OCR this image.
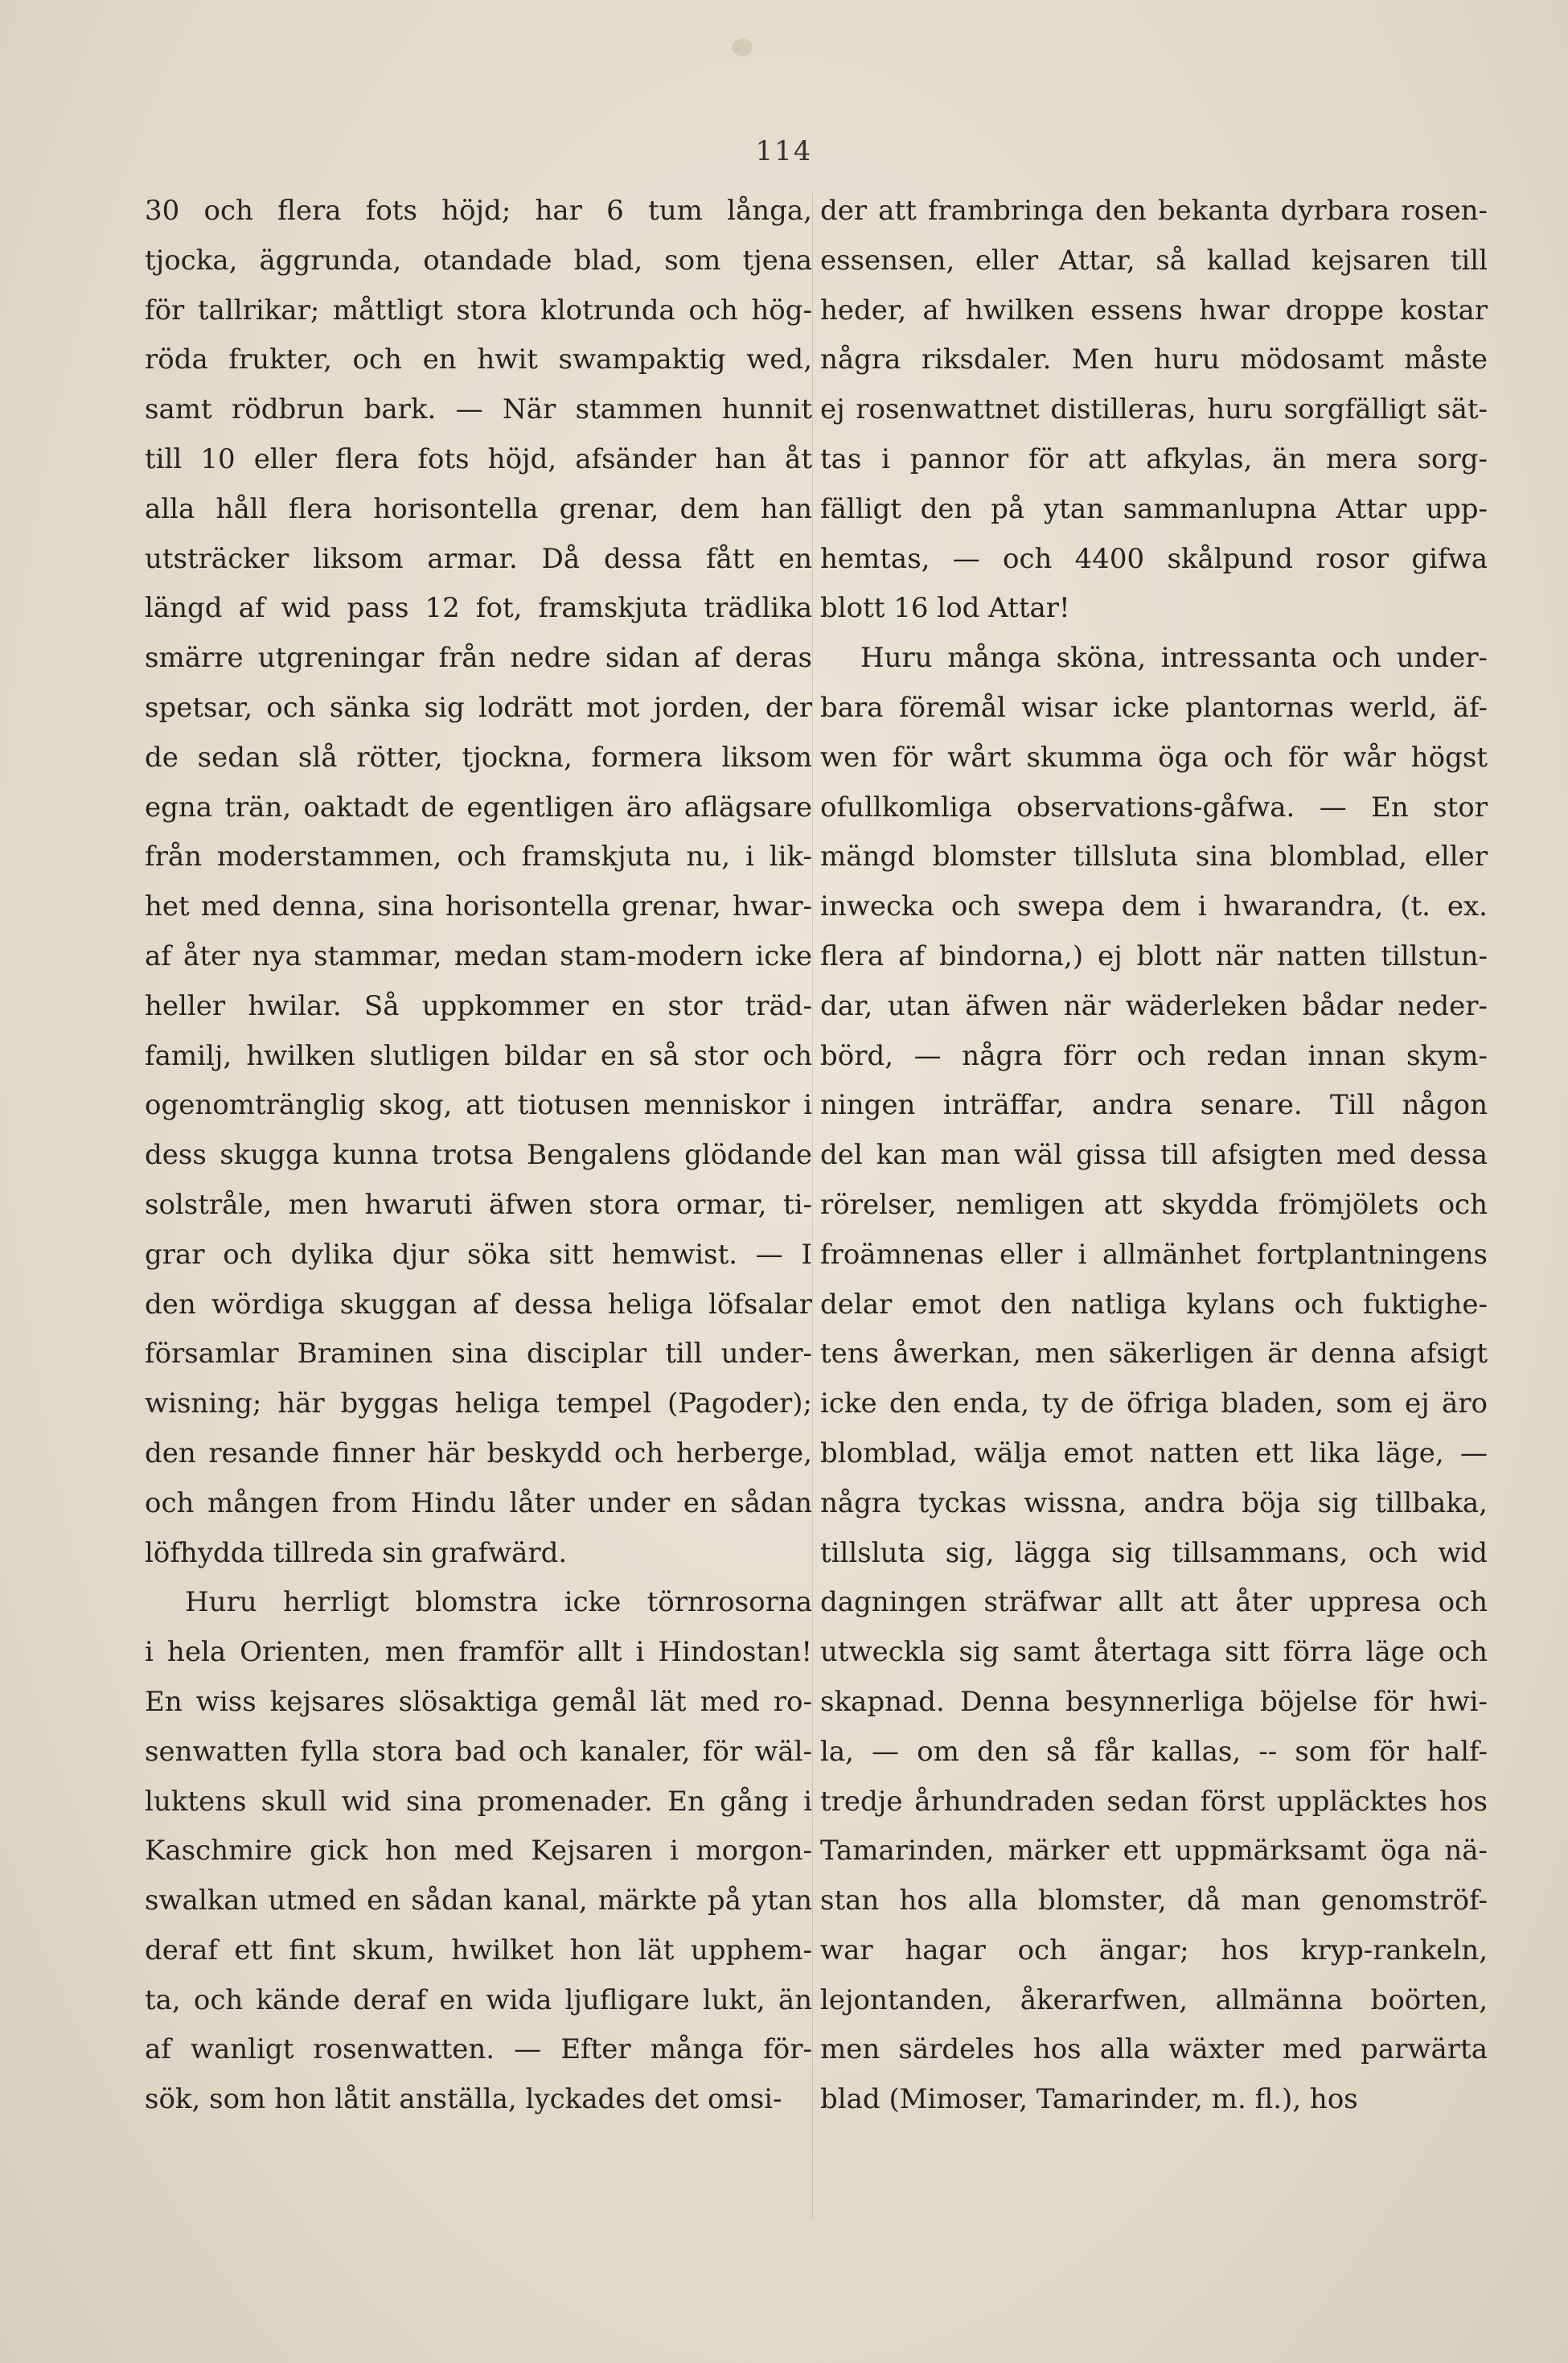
114
30 och flera fots höjd; har 6 tum långa,
tjocka, äggrunda, otandade blad, som tjena
för tallrikar; måttligt stora klotrunda och hög-
röda frukter, och en hwit swampaktig wed,
samt rödbrun bark. — När stammen hunnit
till 10 eller flera fots höjd, afsänder han åt
alla håll flera horisontella grenar, dem han
utsträcker liksom armar. Då dessa fått en
längd af wid pass 12 fot, framskjuta trädlika
smärre utgreningar från nedre sidan af deras
spetsar, och sänka sig lodrätt mot jorden, der
de sedan slå rötter, tjockna, formera liksom
egna trän, oaktadt de egentligen äro aflägsare
från moderstammen, och framskjuta nu, i lik-
het med denna, sina horisontella grenar, hwar-
af åter nya stammar, medan stam-modern icke
heller hwilar. Så uppkommer en stor träd-
familj, hwilken slutligen bildar en så stor och
ogenomtränglig skog, att tiotusen menniskor i
dess skugga kunna trotsa Bengalens glödande
solstråle, men hwaruti äfwen stora ormar, ti-
grar och dylika djur söka sitt hemwist. — I
den wördiga skuggan af dessa heliga löfsalar
församlar Braminen sina disciplar till under-
wisning; här byggas heliga tempel (Pagoder);
den resande finner här beskydd och herberge,
och mången from Hindu låter under en sådan
löfhydda tillreda sin grafwärd.
Huru herrligt blomstra icke törnrosorna
i hela Orienten, men framför allt i Hindostan!
En wiss kejsares slösaktiga gemål lät med ro-
senwatten fylla stora bad och kanaler, för wäl-
luktens skull wid sina promenader. En gång i
Kaschmire gick hon med Kejsaren i morgon-
swalkan utmed en sådan kanal, märkte på ytan
deraf ett fint skum, hwilket hon lät upphem-
ta, och kände deraf en wida ljufligare lukt, än
af wanligt rosenwatten. — Efter många för-
sök, som hon låtit anställa, lyckades det omsi-
der att frambringa den bekanta dyrbara rosen-
essensen, eller Attar, så kallad kejsaren till
heder, af hwilken essens hwar droppe kostar
några riksdaler. Men huru mödosamt måste
ej rosenwattnet distilleras, huru sorgfälligt sät-
tas i pannor för att afkylas, än mera sorg-
fälligt den på ytan sammanlupna Attar upp-
hemtas, — och 4400 skålpund rosor gifwa
blott 16 lod Attar!
Huru många sköna, intressanta och under-
bara föremål wisar icke plantornas werld, äf-
wen för wårt skumma öga och för wår högst
ofullkomliga observations-gåfwa. — En stor
mängd blomster tillsluta sina blomblad, eller
inwecka och swepa dem i hwarandra, (t. ex.
flera af bindorna,) ej blott när natten tillstun-
dar, utan äfwen när wäderleken bådar neder-
börd, — några förr och redan innan skym-
ningen inträffar, andra senare. Till någon
del kan man wäl gissa till afsigten med dessa
rörelser, nemligen att skydda frömjölets och
froämnenas eller i allmänhet fortplantningens
delar emot den natliga kylans och fuktighe-
tens åwerkan, men säkerligen är denna afsigt
icke den enda, ty de öfriga bladen, som ej äro
blomblad, wälja emot natten ett lika läge, —
några tyckas wissna, andra böja sig tillbaka,
tillsluta sig, lägga sig tillsammans, och wid
dagningen sträfwar allt att åter uppresa och
utweckla sig samt återtaga sitt förra läge och
skapnad. Denna besynnerliga böjelse för hwi-
la, — om den så får kallas, -- som för half-
tredje århundraden sedan först uppläcktes hos
Tamarinden, märker ett uppmärksamt öga nä-
stan hos alla blomster, då man genomströf-
war hagar och ängar; hos kryp-rankeln,
lejontanden, åkerarfwen, allmänna boörten,
men särdeles hos alla wäxter med parwärta
blad (Mimoser, Tamarinder, m. fl.), hos
